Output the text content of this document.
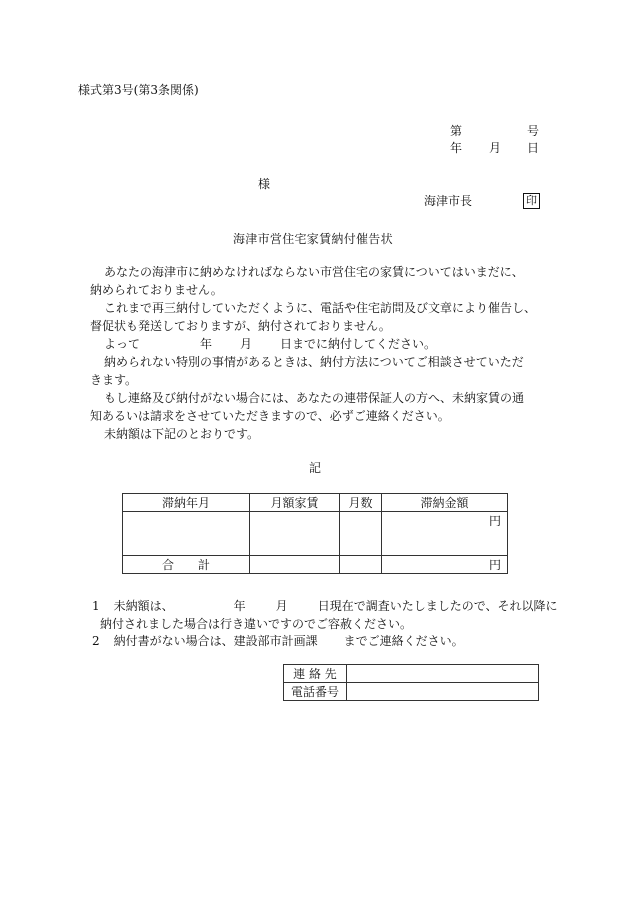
様式第3号(第3条関係)
第	号
年 月 日
様
海津市長	印
海津市営住宅家賃納付催告状

あなたの海津市に納めなければならない市営住宅の家賃についてはいまだに、

納められておりません。

これまで再三納付していただくように、電話や住宅訪問及び文章により催告し、

督促状も発送しておりますが、納付されておりません。

よって	年 月 日までに納付してください。

納められない特別の事情があるときは、納付方法についてご相談させていただ

きます。

もし連絡及び納付がない場合には、あなたの連帯保証人の方へ、未納家賃の通

知あるいは請求をさせていただきますので、必ずご連絡ください。

未納額は下記のとおりです。

記
滞納年月	月額家賃	月数	滞納金額
			円
合　　計			円
1 未納額は、	年	月	日現在で調査いたしましたので、それ以降に
納付されました場合は行き違いですのでご容赦ください。
2 納付書がない場合は、建設部市計画課 までご連絡ください。
連 絡 先	
電話番号	
